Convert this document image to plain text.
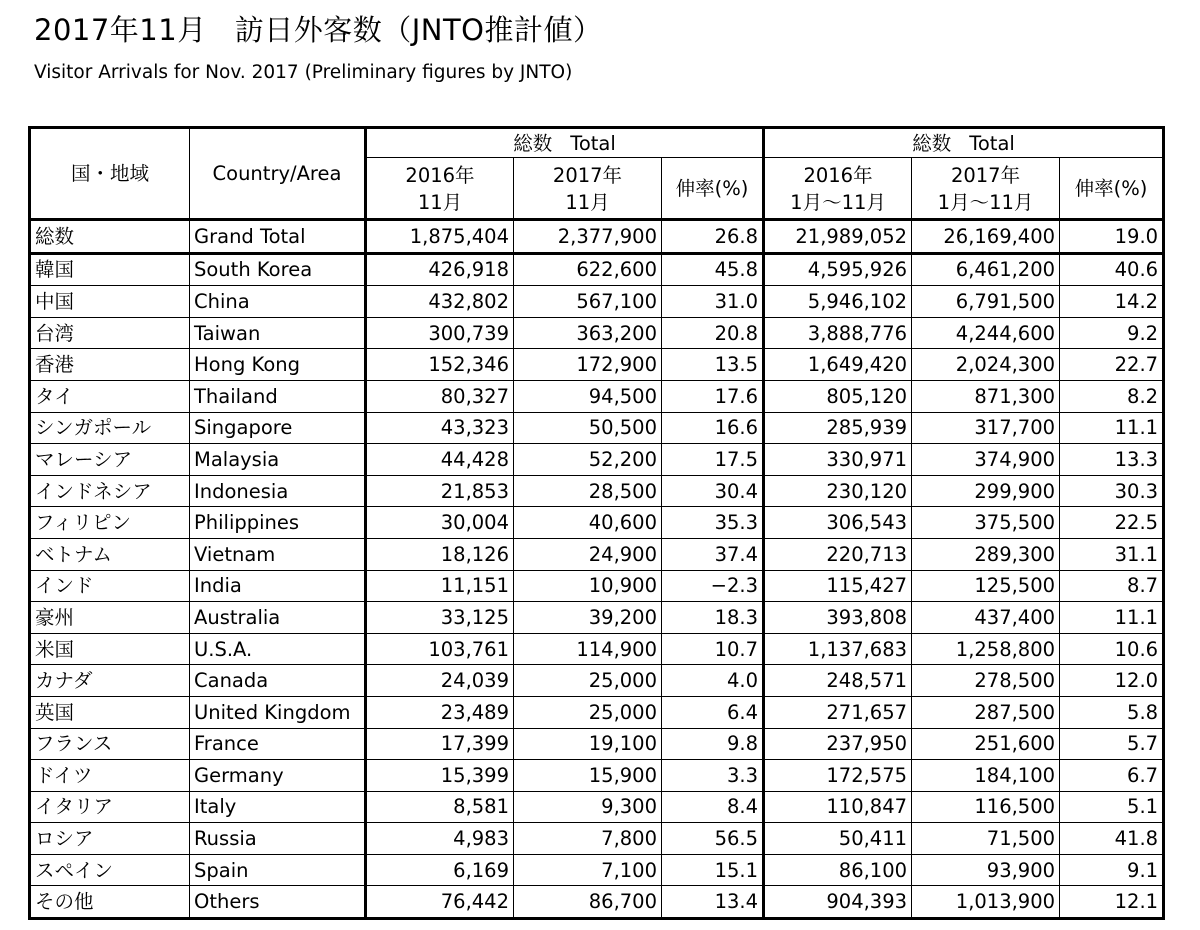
2017年11月 訪日外客数（JNTO推計値）
Visitor Arrivals for Nov. 2017 (Preliminary figures by JNTO)
国・地域	Country/Area	総数 Total			総数 Total		
		2016年	2017年	伸率(%)	2016年	2017年	伸率(%)
		11月	11月		1月～11月	1月～11月	
総数	Grand Total	1,875,404	2,377,900	26.8	21,989,052	26,169,400	19.0
韓国	South Korea	426,918	622,600	45.8	4,595,926	6,461,200	40.6
中国	China	432,802	567,100	31.0	5,946,102	6,791,500	14.2
台湾	Taiwan	300,739	363,200	20.8	3,888,776	4,244,600	9.2
香港	Hong Kong	152,346	172,900	13.5	1,649,420	2,024,300	22.7
タイ	Thailand	80,327	94,500	17.6	805,120	871,300	8.2
シンガポール	Singapore	43,323	50,500	16.6	285,939	317,700	11.1
マレーシア	Malaysia	44,428	52,200	17.5	330,971	374,900	13.3
インドネシア	Indonesia	21,853	28,500	30.4	230,120	299,900	30.3
フィリピン	Philippines	30,004	40,600	35.3	306,543	375,500	22.5
ベトナム	Vietnam	18,126	24,900	37.4	220,713	289,300	31.1
インド	India	11,151	10,900	−2.3	115,427	125,500	8.7
豪州	Australia	33,125	39,200	18.3	393,808	437,400	11.1
米国	U.S.A.	103,761	114,900	10.7	1,137,683	1,258,800	10.6
カナダ	Canada	24,039	25,000	4.0	248,571	278,500	12.0
英国	United Kingdom	23,489	25,000	6.4	271,657	287,500	5.8
フランス	France	17,399	19,100	9.8	237,950	251,600	5.7
ドイツ	Germany	15,399	15,900	3.3	172,575	184,100	6.7
イタリア	Italy	8,581	9,300	8.4	110,847	116,500	5.1
ロシア	Russia	4,983	7,800	56.5	50,411	71,500	41.8
スペイン	Spain	6,169	7,100	15.1	86,100	93,900	9.1
その他	Others	76,442	86,700	13.4	904,393	1,013,900	12.1
